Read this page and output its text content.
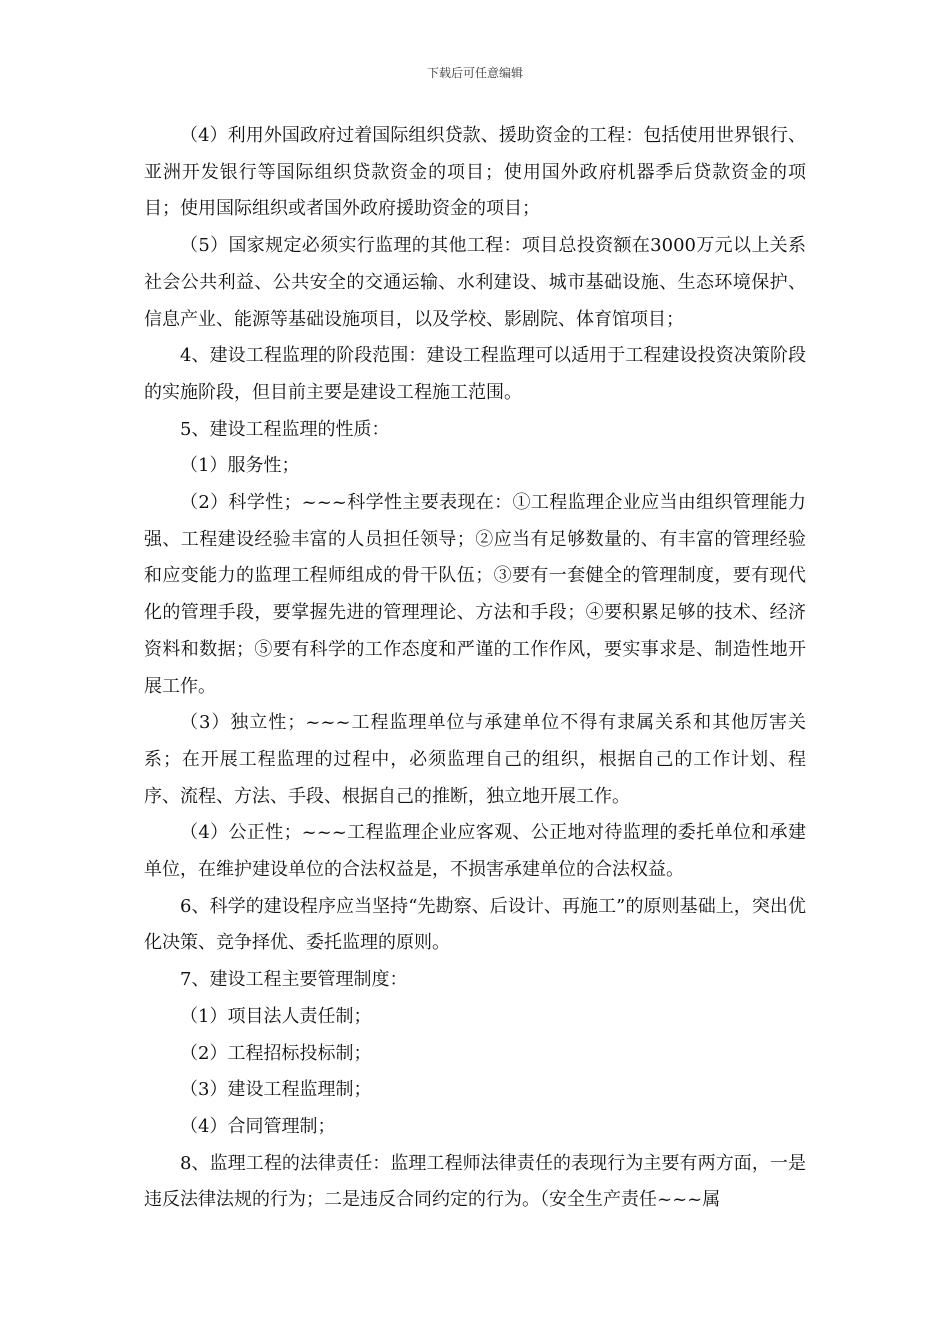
下载后可任意编辑

（4）利用外国政府过着国际组织贷款、援助资金的工程：包括使用世界银行、亚洲开发银行等国际组织贷款资金的项目；使用国外政府机器季后贷款资金的项目；使用国际组织或者国外政府援助资金的项目；

（5）国家规定必须实行监理的其他工程：项目总投资额在3000万元以上关系社会公共利益、公共安全的交通运输、水利建设、城市基础设施、生态环境保护、信息产业、能源等基础设施项目，以及学校、影剧院、体育馆项目；

4、建设工程监理的阶段范围：建设工程监理可以适用于工程建设投资决策阶段的实施阶段，但目前主要是建设工程施工范围。

5、建设工程监理的性质：

（1）服务性；

（2）科学性；~~~科学性主要表现在：①工程监理企业应当由组织管理能力强、工程建设经验丰富的人员担任领导；②应当有足够数量的、有丰富的管理经验和应变能力的监理工程师组成的骨干队伍；③要有一套健全的管理制度，要有现代化的管理手段，要掌握先进的管理理论、方法和手段；④要积累足够的技术、经济资料和数据；⑤要有科学的工作态度和严谨的工作作风，要实事求是、制造性地开展工作。

（3）独立性；~~~工程监理单位与承建单位不得有隶属关系和其他厉害关系；在开展工程监理的过程中，必须监理自己的组织，根据自己的工作计划、程序、流程、方法、手段、根据自己的推断，独立地开展工作。

（4）公正性；~~~工程监理企业应客观、公正地对待监理的委托单位和承建单位，在维护建设单位的合法权益是，不损害承建单位的合法权益。

6、科学的建设程序应当坚持“先勘察、后设计、再施工”的原则基础上，突出优化决策、竞争择优、委托监理的原则。

7、建设工程主要管理制度：

（1）项目法人责任制；

（2）工程招标投标制；

（3）建设工程监理制；

（4）合同管理制；

8、监理工程的法律责任：监理工程师法律责任的表现行为主要有两方面，一是违反法律法规的行为；二是违反合同约定的行为。（安全生产责任~~~属
